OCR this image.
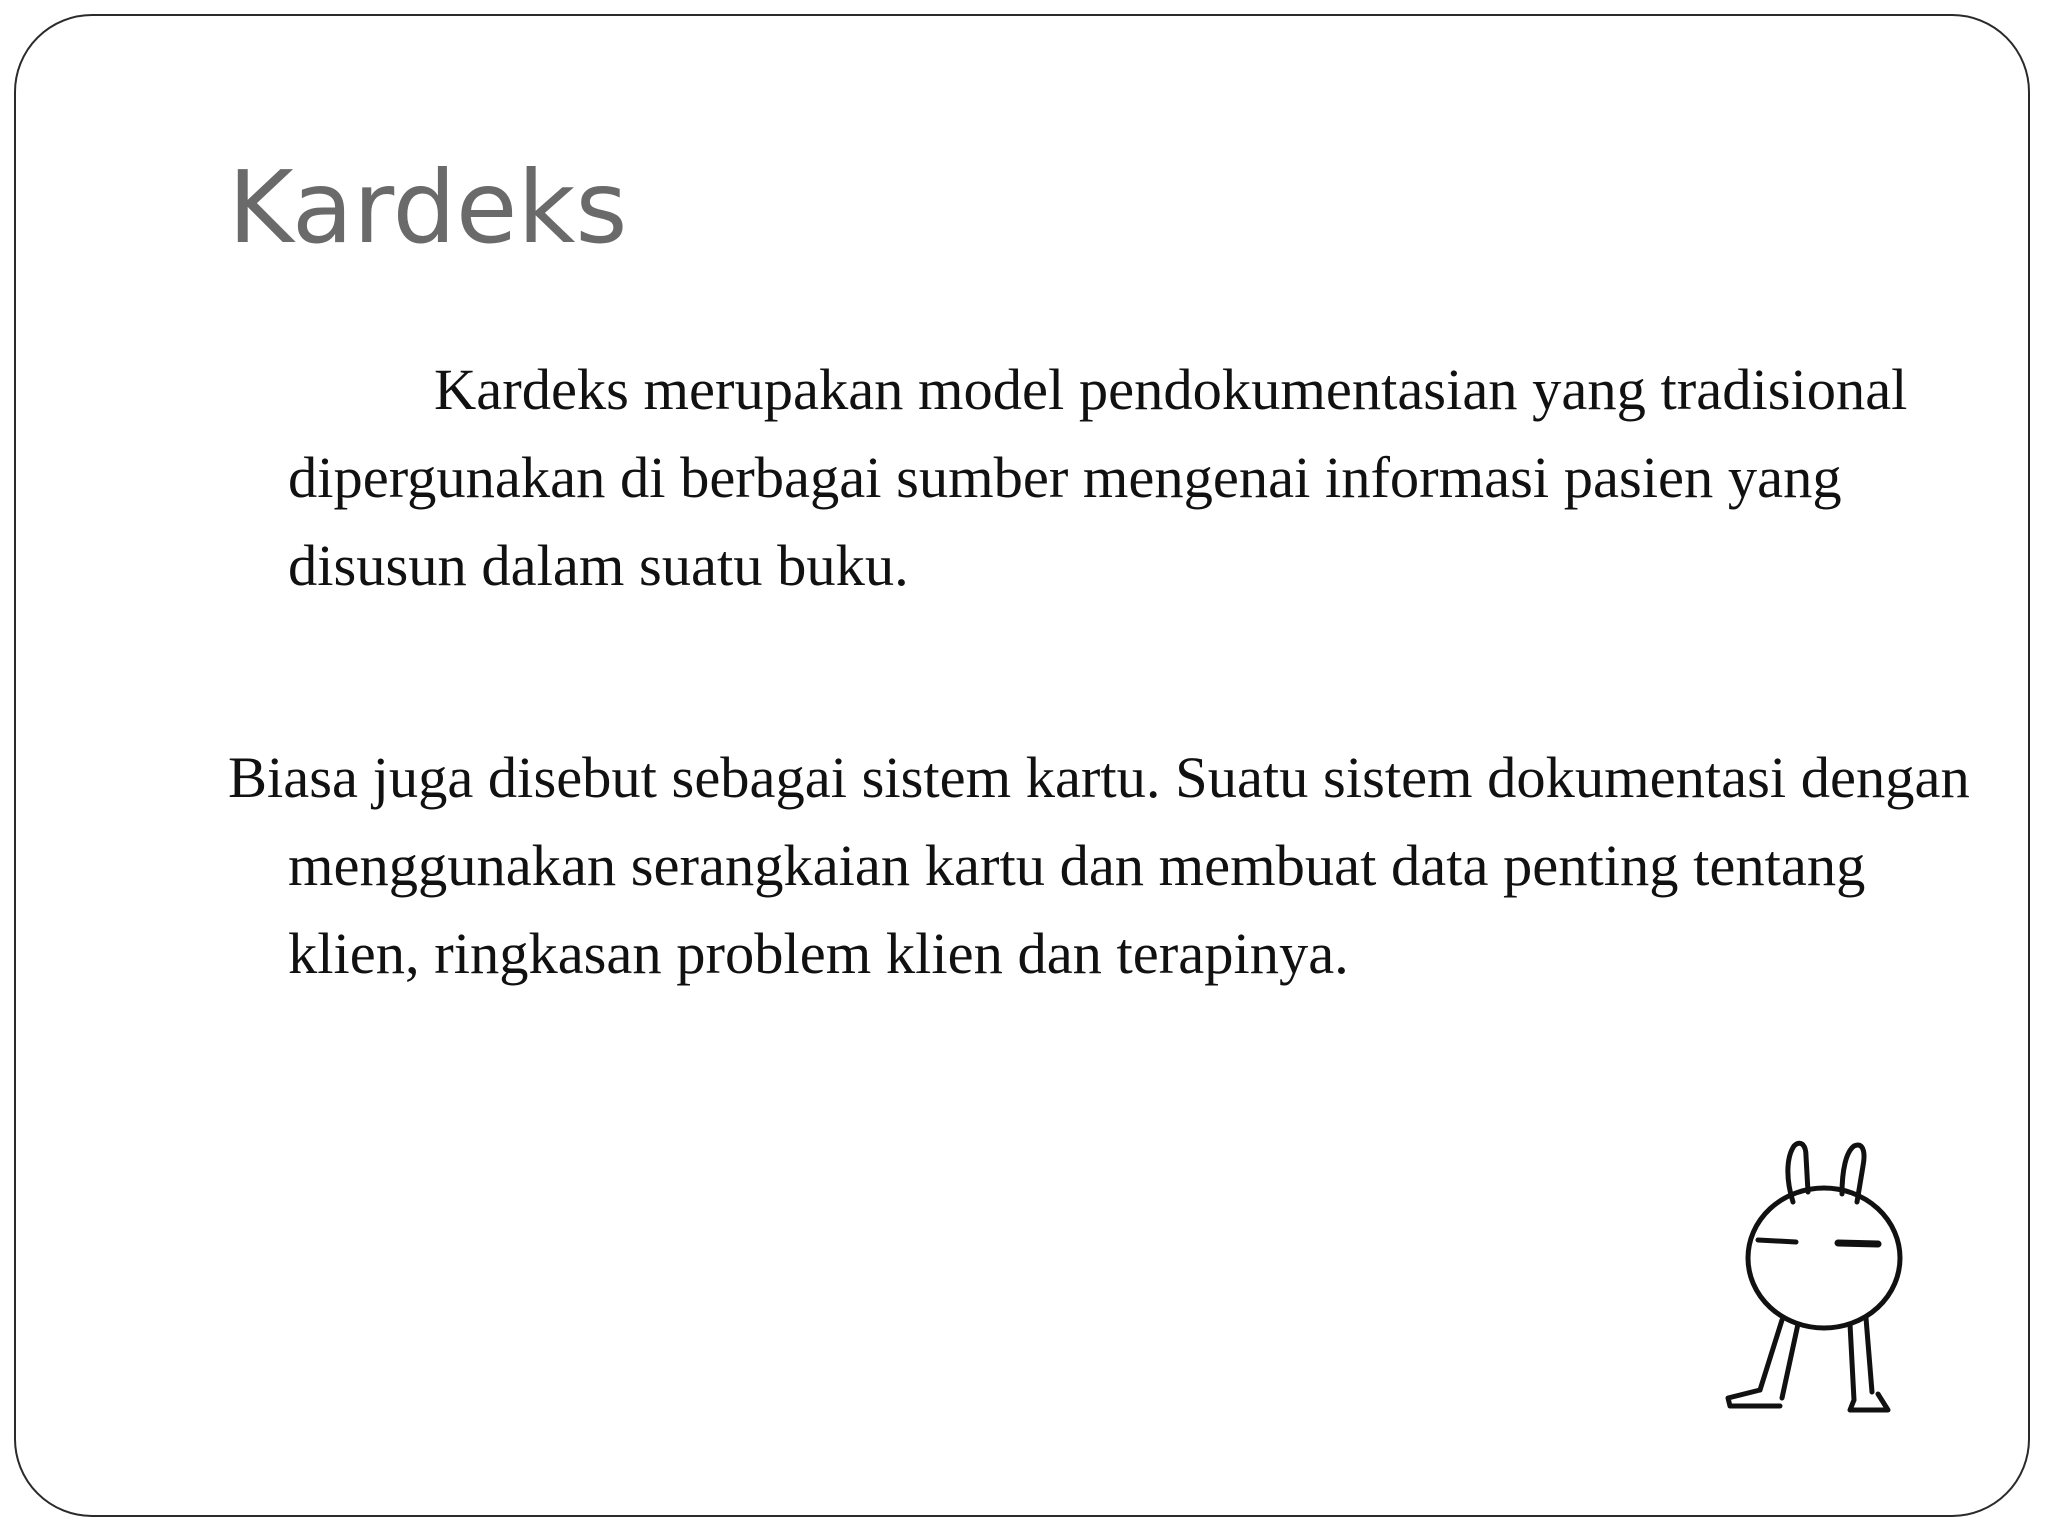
Kardeks

Kardeks merupakan model pendokumentasian yang tradisional dipergunakan di berbagai sumber mengenai informasi pasien yang disusun dalam suatu buku.

Biasa juga disebut sebagai sistem kartu. Suatu sistem dokumentasi dengan menggunakan serangkaian kartu dan membuat data penting tentang klien, ringkasan problem klien dan terapinya.
